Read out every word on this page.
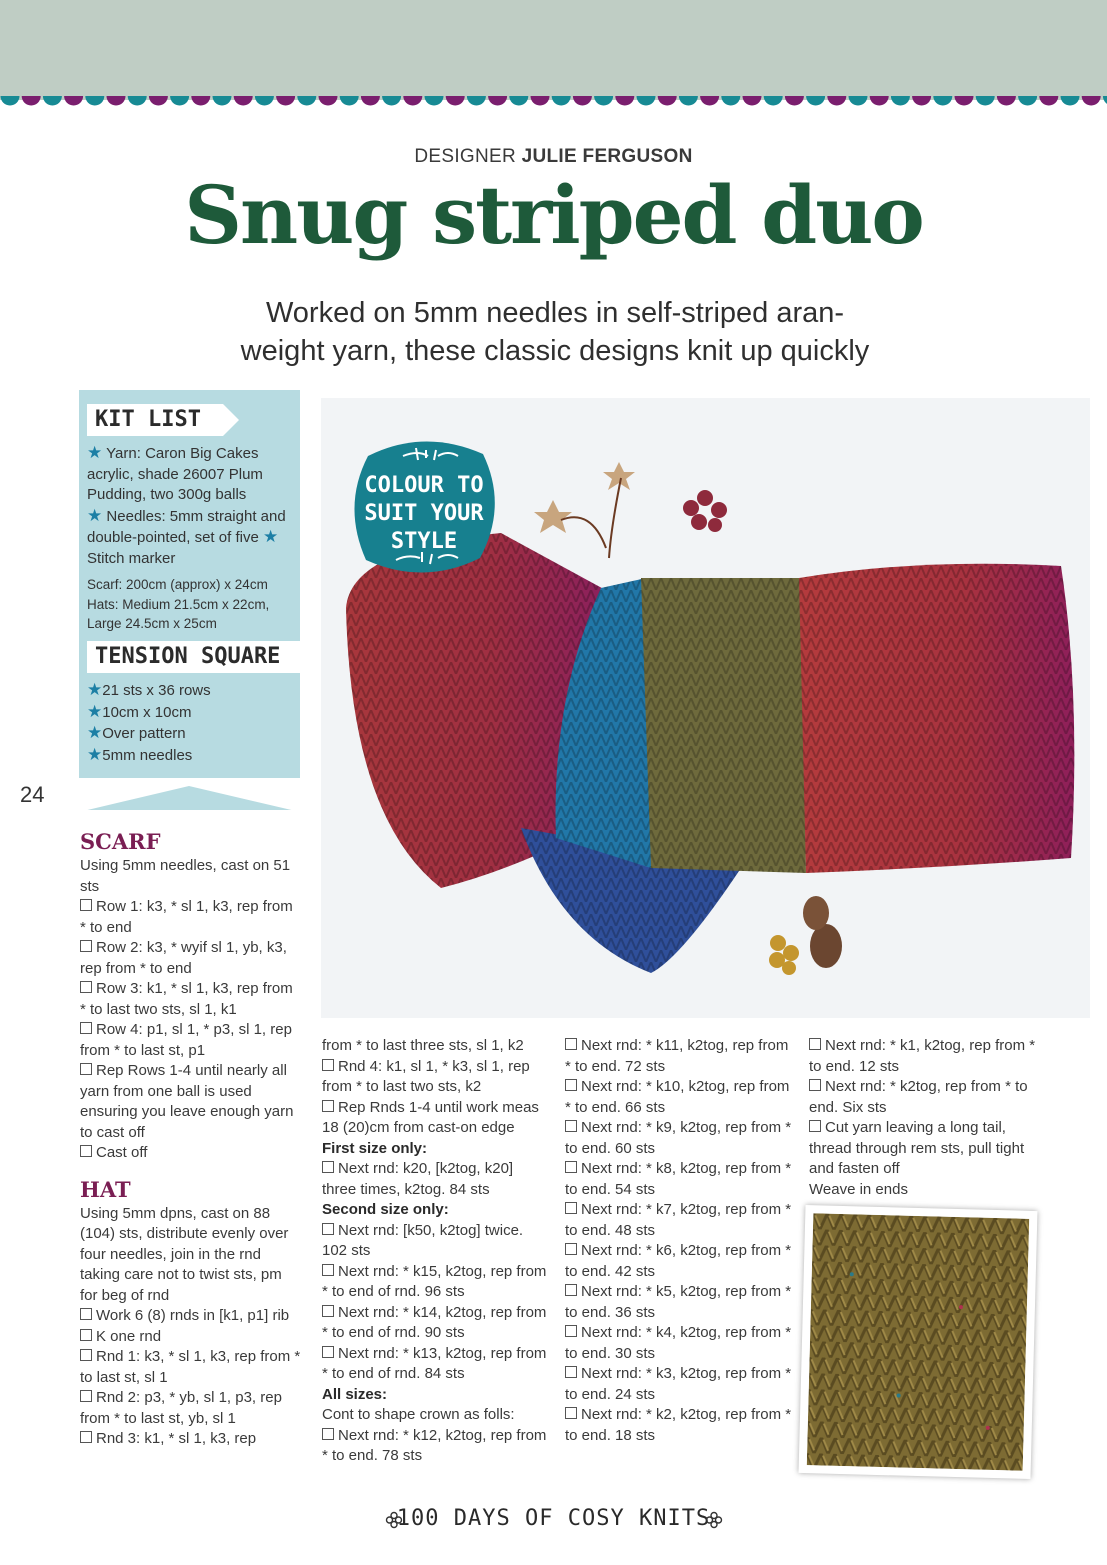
DESIGNER JULIE FERGUSON
Snug striped duo
Worked on 5mm needles in self-striped aran-
weight yarn, these classic designs knit up quickly
KIT LIST
★ Yarn: Caron Big Cakes acrylic, shade 26007 Plum Pudding, two 300g balls
★ Needles: 5mm straight and double-pointed, set of five ★ Stitch marker
Scarf: 200cm (approx) x 24cm
Hats: Medium 21.5cm x 22cm,
Large 24.5cm x 25cm
TENSION SQUARE
★21 sts x 36 rows
★10cm x 10cm
★Over pattern
★5mm needles
24
COLOUR TO
SUIT YOUR
STYLE

SCARF

Using 5mm needles, cast on 51 sts

Row 1: k3, * sl 1, k3, rep from * to end

Row 2: k3, * wyif sl 1, yb, k3, rep from * to end

Row 3: k1, * sl 1, k3, rep from * to last two sts, sl 1, k1

Row 4: p1, sl 1, * p3, sl 1, rep from * to last st, p1

Rep Rows 1-4 until nearly all yarn from one ball is used ensuring you leave enough yarn to cast off

Cast off

HAT

Using 5mm dpns, cast on 88 (104) sts, distribute evenly over four needles, join in the rnd taking care not to twist sts, pm for beg of rnd

Work 6 (8) rnds in [k1, p1] rib

K one rnd

Rnd 1: k3, * sl 1, k3, rep from * to last st, sl 1

Rnd 2: p3, * yb, sl 1, p3, rep from * to last st, yb, sl 1

Rnd 3: k1, * sl 1, k3, rep

from * to last three sts, sl 1, k2

Rnd 4: k1, sl 1, * k3, sl 1, rep from * to last two sts, k2

Rep Rnds 1-4 until work meas 18 (20)cm from cast-on edge

First size only:

Next rnd: k20, [k2tog, k20] three times, k2tog. 84 sts

Second size only:

Next rnd: [k50, k2tog] twice. 102 sts

Next rnd: * k15, k2tog, rep from * to end of rnd. 96 sts

Next rnd: * k14, k2tog, rep from * to end of rnd. 90 sts

Next rnd: * k13, k2tog, rep from * to end of rnd. 84 sts

All sizes:

Cont to shape crown as folls:

Next rnd: * k12, k2tog, rep from * to end. 78 sts

Next rnd: * k11, k2tog, rep from * to end. 72 sts

Next rnd: * k10, k2tog, rep from * to end. 66 sts

Next rnd: * k9, k2tog, rep from * to end. 60 sts

Next rnd: * k8, k2tog, rep from * to end. 54 sts

Next rnd: * k7, k2tog, rep from * to end. 48 sts

Next rnd: * k6, k2tog, rep from * to end. 42 sts

Next rnd: * k5, k2tog, rep from * to end. 36 sts

Next rnd: * k4, k2tog, rep from * to end. 30 sts

Next rnd: * k3, k2tog, rep from * to end. 24 sts

Next rnd: * k2, k2tog, rep from * to end. 18 sts

Next rnd: * k1, k2tog, rep from * to end. 12 sts

Next rnd: * k2tog, rep from * to end. Six sts

Cut yarn leaving a long tail, thread through rem sts, pull tight and fasten off

Weave in ends

100 DAYS OF COSY KNITS
